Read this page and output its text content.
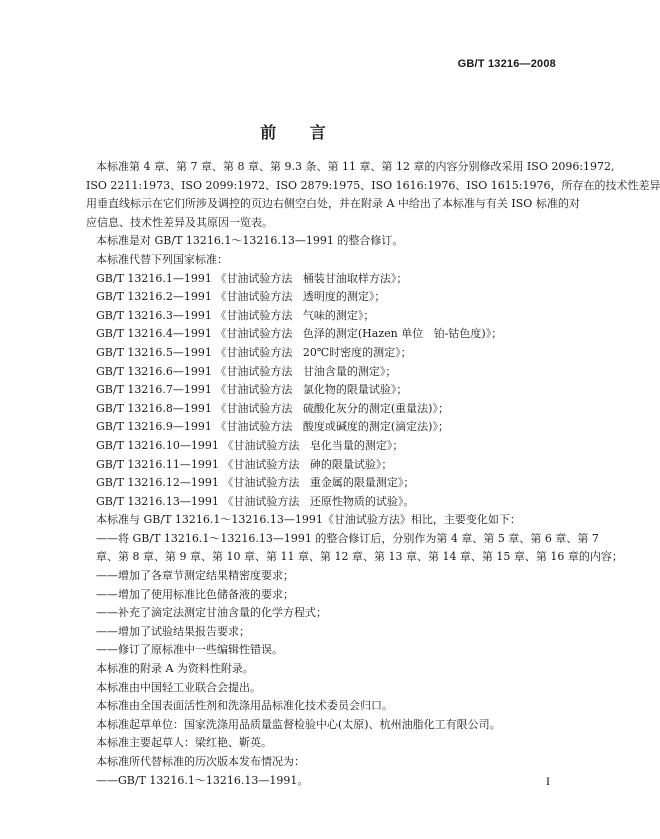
GB/T 13216—2008
前 言
本标准第 4 章、第 7 章、第 8 章、第 9.3 条、第 11 章、第 12 章的内容分别修改采用 ISO 2096:1972,
ISO 2211:1973、ISO 2099:1972、ISO 2879:1975、ISO 1616:1976、ISO 1615:1976，所存在的技术性差异
用垂直线标示在它们所涉及调控的页边右侧空白处，并在附录 A 中给出了本标准与有关 ISO 标准的对
应信息、技术性差异及其原因一览表。
本标准是对 GB/T 13216.1～13216.13—1991 的整合修订。
本标准代替下列国家标准：
GB/T 13216.1—1991 《甘油试验方法   桶装甘油取样方法》；
GB/T 13216.2—1991 《甘油试验方法   透明度的测定》；
GB/T 13216.3—1991 《甘油试验方法   气味的测定》；
GB/T 13216.4—1991 《甘油试验方法   色泽的测定(Hazen 单位   铂-钴色度)》；
GB/T 13216.5—1991 《甘油试验方法   20℃时密度的测定》；
GB/T 13216.6—1991 《甘油试验方法   甘油含量的测定》；
GB/T 13216.7—1991 《甘油试验方法   氯化物的限量试验》；
GB/T 13216.8—1991 《甘油试验方法   硫酸化灰分的测定(重量法)》；
GB/T 13216.9—1991 《甘油试验方法   酸度或碱度的测定(滴定法)》；
GB/T 13216.10—1991 《甘油试验方法   皂化当量的测定》；
GB/T 13216.11—1991 《甘油试验方法   砷的限量试验》；
GB/T 13216.12—1991 《甘油试验方法   重金属的限量测定》；
GB/T 13216.13—1991 《甘油试验方法   还原性物质的试验》。
本标准与 GB/T 13216.1～13216.13—1991《甘油试验方法》相比，主要变化如下：
——将 GB/T 13216.1～13216.13—1991 的整合修订后，分别作为第 4 章、第 5 章、第 6 章、第 7
章、第 8 章、第 9 章、第 10 章、第 11 章、第 12 章、第 13 章、第 14 章、第 15 章、第 16 章的内容；
——增加了各章节测定结果精密度要求；
——增加了使用标准比色储备液的要求；
——补充了滴定法测定甘油含量的化学方程式；
——增加了试验结果报告要求；
——修订了原标准中一些编辑性错误。
本标准的附录 A 为资料性附录。
本标准由中国轻工业联合会提出。
本标准由全国表面活性剂和洗涤用品标准化技术委员会归口。
本标准起草单位：国家洗涤用品质量监督检验中心(太原)、杭州油脂化工有限公司。
本标准主要起草人：梁红艳、靳英。
本标准所代替标准的历次版本发布情况为：
——GB/T 13216.1～13216.13—1991。	I
